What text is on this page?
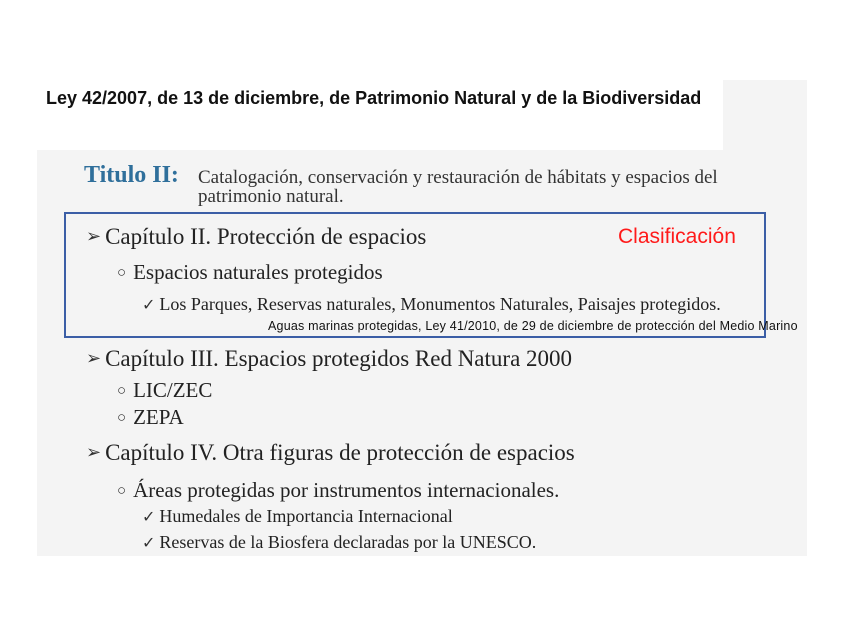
Ley 42/2007, de 13 de diciembre, de Patrimonio Natural y de la Biodiversidad
Titulo II: Catalogación, conservación y restauración de hábitats y espacios del patrimonio natural.
Clasificación
➢ Capítulo II. Protección de espacios
○ Espacios naturales protegidos
✓ Los Parques, Reservas naturales, Monumentos Naturales, Paisajes protegidos.
Aguas marinas protegidas, Ley 41/2010, de 29 de diciembre de protección del Medio Marino
➢ Capítulo III. Espacios protegidos Red Natura 2000
○ LIC/ZEC
○ ZEPA
➢ Capítulo IV. Otra figuras de protección de espacios
○ Áreas protegidas por instrumentos internacionales.
✓ Humedales de Importancia Internacional
✓ Reservas de la Biosfera declaradas por la UNESCO.
